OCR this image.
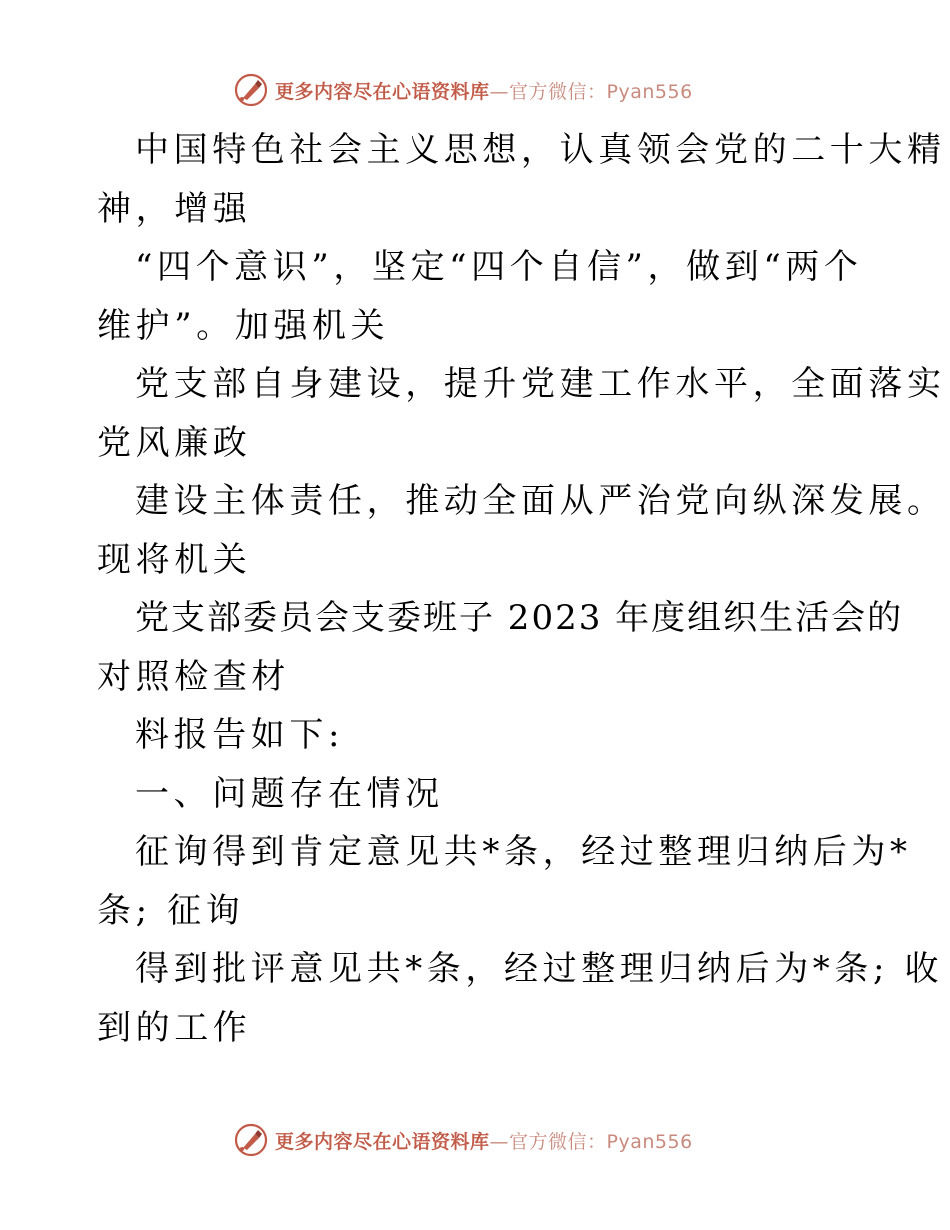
更多内容尽在心语资料库—官方微信：Pyan556
中国特色社会主义思想，认真领会党的二十大精
神，增强
“四个意识”，坚定“四个自信”，做到“两个
维护”。加强机关
党支部自身建设，提升党建工作水平，全面落实
党风廉政
建设主体责任，推动全面从严治党向纵深发展。
现将机关
党支部委员会支委班子 2023 年度组织生活会的
对照检查材
料报告如下:
一、问题存在情况
征询得到肯定意见共*条，经过整理归纳后为*
条; 征询
得到批评意见共*条，经过整理归纳后为*条; 收
到的工作
更多内容尽在心语资料库—官方微信：Pyan556
